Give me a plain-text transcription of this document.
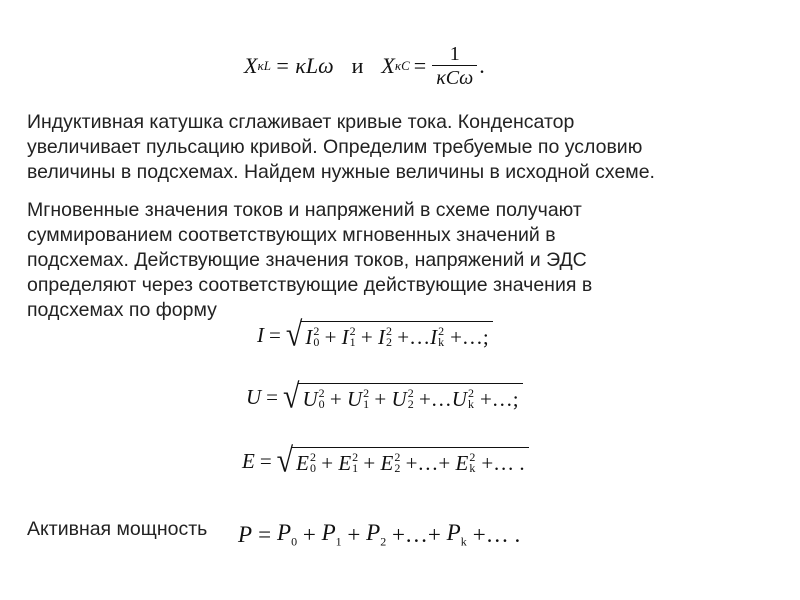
X κL = κLω и X $\kappa C = \frac{1}{\text{κCω}}$ .
Индуктивная катушка сглаживает кривые тока. Конденсатор
увеличивает пульсацию кривой. Определим требуемые по условию
величины в подсхемах. Найдем нужные величины в исходной схеме.
Мгновенные значения токов и напряжений в схеме получают
суммированием соответствующих мгновенных значений в
подсхемах. Действующие значения токов, напряжений и ЭДС
определяют через соответствующие действующие значения в
подсхемах по форму
I = √ I 2
0 + I 2
1 + I 2
2 +… I 2
k +…;
U = √ U 2
0 + U 2
1 + U 2
2 +… U 2
k +…;
E = √ E 2
0 + E 2
1 + E 2
2 +…+ E 2
k +… .
Активная мощность	$P = P_0 + P_1 + P_2$ +…+ $P_k$ +… .
